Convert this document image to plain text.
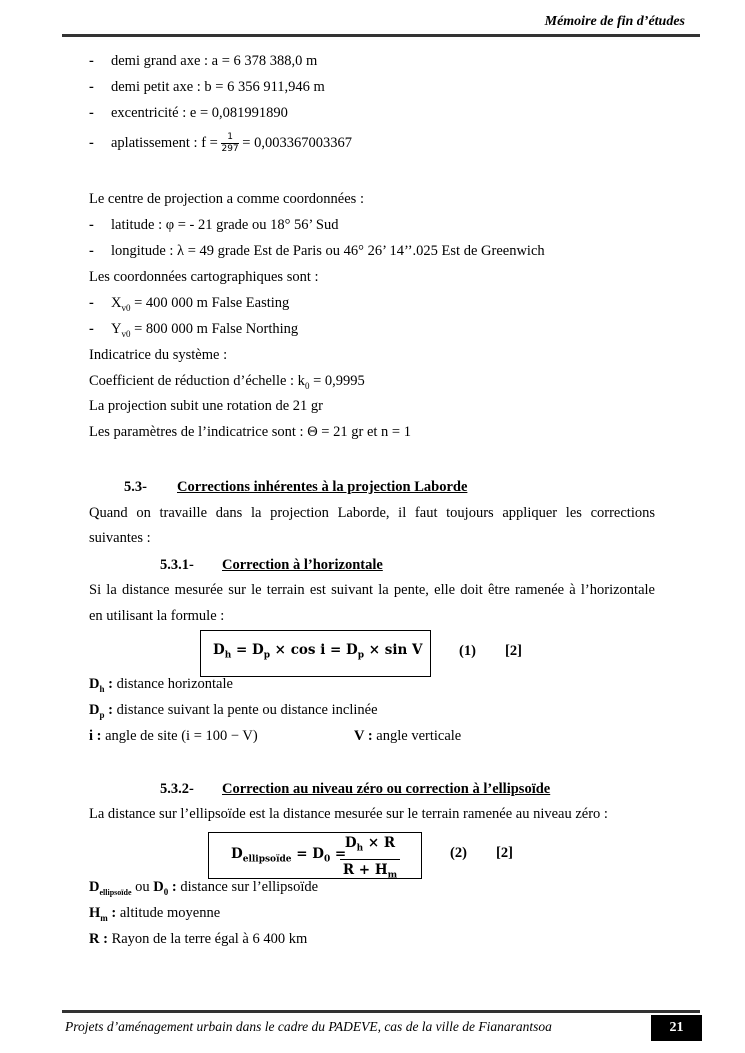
Mémoire de fin d’études
- demi grand axe : a = 6 378 388,0 m
- demi petit axe : b = 6 356 911,946 m
- excentricité : e = 0,081991890
- aplatissement : $f = \frac{1}{297} = 0,003367003367$
Le centre de projection a comme coordonnées :
- latitude : φ = - 21 grade ou 18° 56’ Sud
- longitude : λ = 49 grade Est de Paris ou 46° 26’ 14’’.025 Est de Greenwich
Les coordonnées cartographiques sont :
- $X_{v0} = 400$ 000 m False Easting
- $Y_{v0} = 800$ 000 m False Northing
Indicatrice du système :
Coefficient de réduction d’échelle : $k_0 = 0,9995$
La projection subit une rotation de 21 gr
Les paramètres de l’indicatrice sont : Θ = 21 gr et n = 1
5.3- Corrections inhérentes à la projection Laborde
Quand on travaille dans la projection Laborde, il faut toujours appliquer les corrections
suivantes :
5.3.1- Correction à l’horizontale
Si la distance mesurée sur le terrain est suivant la pente, elle doit être ramenée à l’horizontale
en utilisant la formule :
$D_h = D_p \times \cos i = D_p \times \sin V$	(1) [2]
$D_h$ : distance horizontale
$D_p$ : distance suivant la pente ou distance inclinée
i : angle de site (i = 100 − V)	V : angle verticale
5.3.2- Correction au niveau zéro ou correction à l’ellipsoïde
La distance sur l’ellipsoïde est la distance mesurée sur le terrain ramenée au niveau zéro :
$D_{ellipsoïde} = D_0$ =
$\frac{D_h \times R}{R + H_m}$	(2) [2]
$D_{ellipsoïde}$ ou $D_0$ : distance sur l’ellipsoïde
$H_m$ : altitude moyenne
R : Rayon de la terre égal à 6 400 km
Projets d’aménagement urbain dans le cadre du PADEVE, cas de la ville de Fianarantsoa	21
